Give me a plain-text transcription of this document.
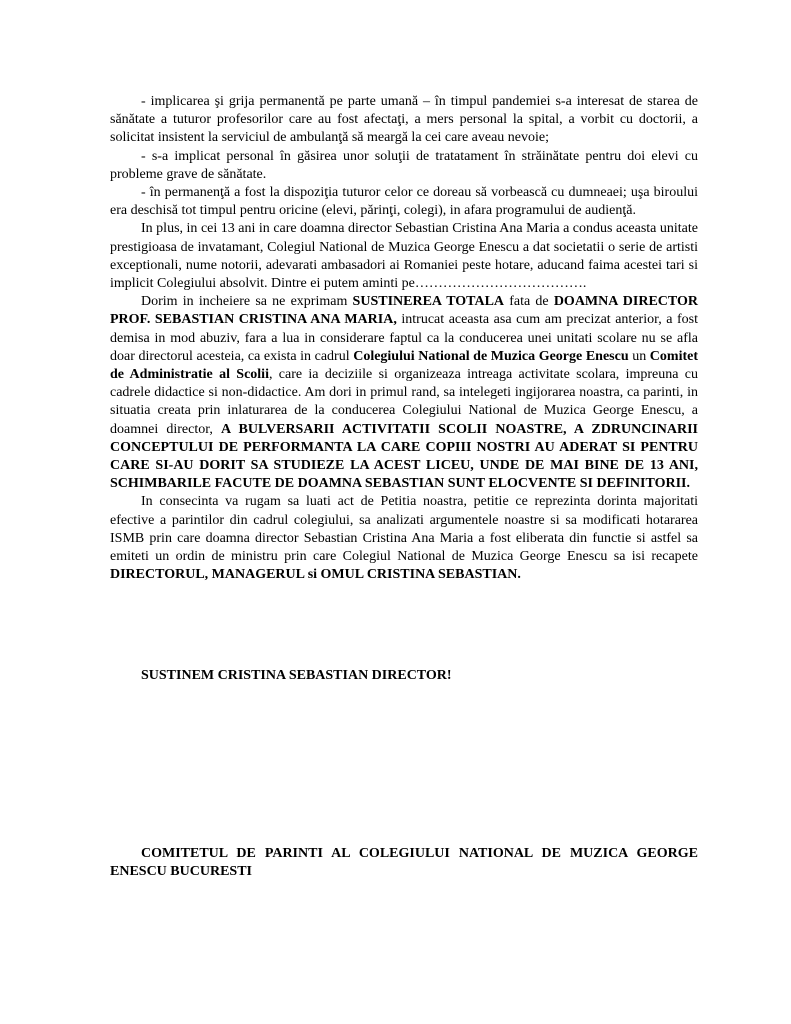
- implicarea şi grija permanentă pe parte umană – în timpul pandemiei s-a interesat de starea de sănătate a tuturor profesorilor care au fost afectaţi, a mers personal la spital, a vorbit cu doctorii, a solicitat insistent la serviciul de ambulanţă să meargă la cei care aveau nevoie;

- s-a implicat personal în găsirea unor soluţii de tratatament în străinătate pentru doi elevi cu probleme grave de sănătate.

- în permanenţă a fost la dispoziţia tuturor celor ce doreau să vorbească cu dumneaei; uşa biroului era deschisă tot timpul pentru oricine (elevi, părinţi, colegi), in afara programului de audienţă.

In plus, in cei 13 ani in care doamna director Sebastian Cristina Ana Maria a condus aceasta unitate prestigioasa de invatamant, Colegiul National de Muzica George Enescu a dat societatii o serie de artisti exceptionali, nume notorii, adevarati ambasadori ai Romaniei peste hotare, aducand faima acestei tari si implicit Colegiului absolvit. Dintre ei putem aminti pe……………………………….

Dorim in incheiere sa ne exprimam SUSTINEREA TOTALA fata de DOAMNA DIRECTOR PROF. SEBASTIAN CRISTINA ANA MARIA, intrucat aceasta asa cum am precizat anterior, a fost demisa in mod abuziv, fara a lua in considerare faptul ca la conducerea unei unitati scolare nu se afla doar directorul acesteia, ca exista in cadrul Colegiului National de Muzica George Enescu un Comitet de Administratie al Scolii, care ia deciziile si organizeaza intreaga activitate scolara, impreuna cu cadrele didactice si non-didactice. Am dori in primul rand, sa intelegeti ingijorarea noastra, ca parinti, in situatia creata prin inlaturarea de la conducerea Colegiului National de Muzica George Enescu, a doamnei director, A BULVERSARII ACTIVITATII SCOLII NOASTRE, A ZDRUNCINARII CONCEPTULUI DE PERFORMANTA LA CARE COPIII NOSTRI AU ADERAT SI PENTRU CARE SI-AU DORIT SA STUDIEZE LA ACEST LICEU, UNDE DE MAI BINE DE 13 ANI, SCHIMBARILE FACUTE DE DOAMNA SEBASTIAN SUNT ELOCVENTE SI DEFINITORII.

In consecinta va rugam sa luati act de Petitia noastra, petitie ce reprezinta dorinta majoritati efective a parintilor din cadrul colegiului, sa analizati argumentele noastre si sa modificati hotararea ISMB prin care doamna director Sebastian Cristina Ana Maria a fost eliberata din functie si astfel sa emiteti un ordin de ministru prin care Colegiul National de Muzica George Enescu sa isi recapete DIRECTORUL, MANAGERUL si OMUL CRISTINA SEBASTIAN.

SUSTINEM CRISTINA SEBASTIAN DIRECTOR!
COMITETUL DE PARINTI AL COLEGIULUI NATIONAL DE MUZICA GEORGE ENESCU BUCURESTI
